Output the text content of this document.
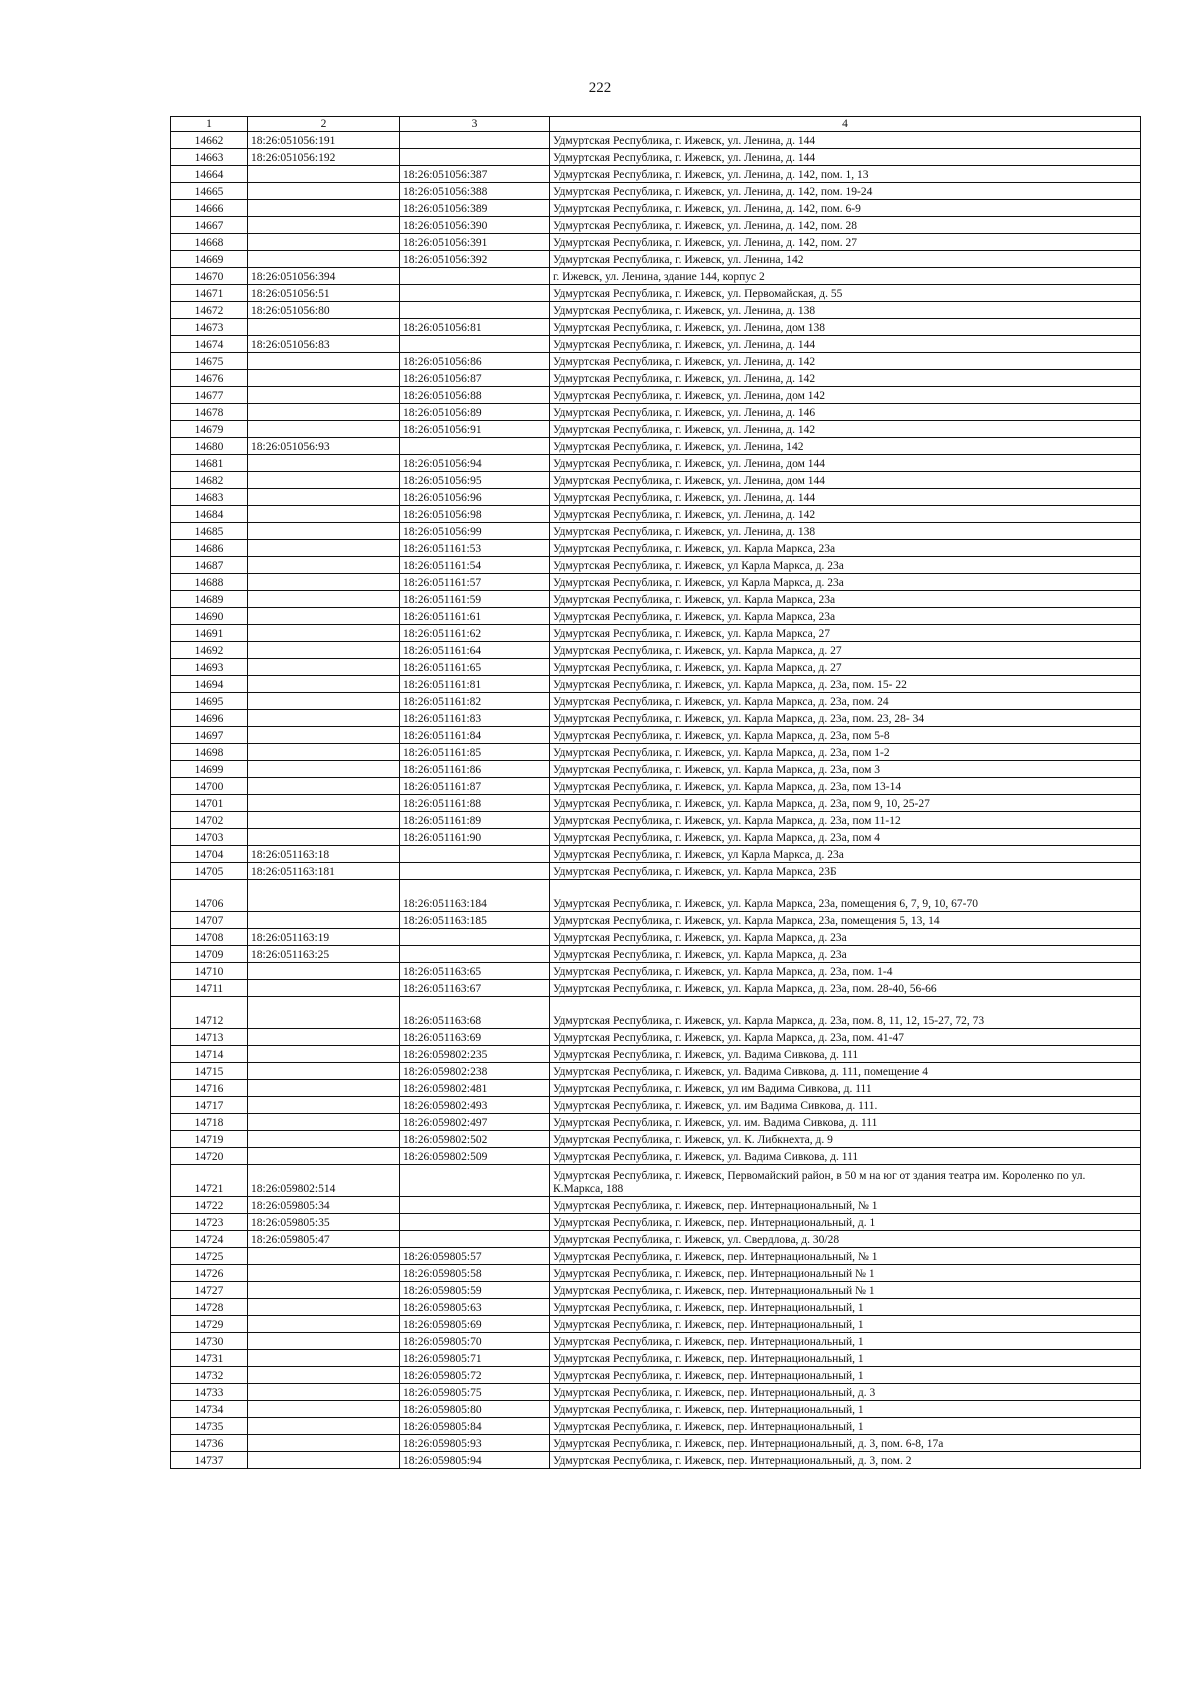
222
1	2	3	4
14662	18:26:051056:191		Удмуртская Республика, г. Ижевск, ул. Ленина, д. 144
14663	18:26:051056:192		Удмуртская Республика, г. Ижевск, ул. Ленина, д. 144
14664		18:26:051056:387	Удмуртская Республика, г. Ижевск, ул. Ленина, д. 142, пом. 1, 13
14665		18:26:051056:388	Удмуртская Республика, г. Ижевск, ул. Ленина, д. 142, пом. 19-24
14666		18:26:051056:389	Удмуртская Республика, г. Ижевск, ул. Ленина, д. 142, пом. 6-9
14667		18:26:051056:390	Удмуртская Республика, г. Ижевск, ул. Ленина, д. 142, пом. 28
14668		18:26:051056:391	Удмуртская Республика, г. Ижевск, ул. Ленина, д. 142, пом. 27
14669		18:26:051056:392	Удмуртская Республика, г. Ижевск, ул. Ленина, 142
14670	18:26:051056:394		г. Ижевск, ул. Ленина, здание 144, корпус 2
14671	18:26:051056:51		Удмуртская Республика, г. Ижевск, ул. Первомайская, д. 55
14672	18:26:051056:80		Удмуртская Республика, г. Ижевск, ул. Ленина, д. 138
14673		18:26:051056:81	Удмуртская Республика, г. Ижевск, ул. Ленина, дом 138
14674	18:26:051056:83		Удмуртская Республика, г. Ижевск, ул. Ленина, д. 144
14675		18:26:051056:86	Удмуртская Республика, г. Ижевск, ул. Ленина, д. 142
14676		18:26:051056:87	Удмуртская Республика, г. Ижевск, ул. Ленина, д. 142
14677		18:26:051056:88	Удмуртская Республика, г. Ижевск, ул. Ленина, дом 142
14678		18:26:051056:89	Удмуртская Республика, г. Ижевск, ул. Ленина, д. 146
14679		18:26:051056:91	Удмуртская Республика, г. Ижевск, ул. Ленина, д. 142
14680	18:26:051056:93		Удмуртская Республика, г. Ижевск, ул. Ленина, 142
14681		18:26:051056:94	Удмуртская Республика, г. Ижевск, ул. Ленина, дом 144
14682		18:26:051056:95	Удмуртская Республика, г. Ижевск, ул. Ленина, дом 144
14683		18:26:051056:96	Удмуртская Республика, г. Ижевск, ул. Ленина, д. 144
14684		18:26:051056:98	Удмуртская Республика, г. Ижевск, ул. Ленина, д. 142
14685		18:26:051056:99	Удмуртская Республика, г. Ижевск, ул. Ленина, д. 138
14686		18:26:051161:53	Удмуртская Республика, г. Ижевск, ул. Карла Маркса, 23а
14687		18:26:051161:54	Удмуртская Республика, г. Ижевск, ул Карла Маркса, д. 23а
14688		18:26:051161:57	Удмуртская Республика, г. Ижевск, ул Карла Маркса, д. 23а
14689		18:26:051161:59	Удмуртская Республика, г. Ижевск, ул. Карла Маркса, 23а
14690		18:26:051161:61	Удмуртская Республика, г. Ижевск, ул. Карла Маркса, 23а
14691		18:26:051161:62	Удмуртская Республика, г. Ижевск, ул. Карла Маркса, 27
14692		18:26:051161:64	Удмуртская Республика, г. Ижевск, ул. Карла Маркса, д. 27
14693		18:26:051161:65	Удмуртская Республика, г. Ижевск, ул. Карла Маркса, д. 27
14694		18:26:051161:81	Удмуртская Республика, г. Ижевск, ул. Карла Маркса, д. 23а, пом. 15- 22
14695		18:26:051161:82	Удмуртская Республика, г. Ижевск, ул. Карла Маркса, д. 23а, пом. 24
14696		18:26:051161:83	Удмуртская Республика, г. Ижевск, ул. Карла Маркса, д. 23а, пом. 23, 28- 34
14697		18:26:051161:84	Удмуртская Республика, г. Ижевск, ул. Карла Маркса, д. 23а, пом 5-8
14698		18:26:051161:85	Удмуртская Республика, г. Ижевск, ул. Карла Маркса, д. 23а, пом 1-2
14699		18:26:051161:86	Удмуртская Республика, г. Ижевск, ул. Карла Маркса, д. 23а, пом 3
14700		18:26:051161:87	Удмуртская Республика, г. Ижевск, ул. Карла Маркса, д. 23а, пом 13-14
14701		18:26:051161:88	Удмуртская Республика, г. Ижевск, ул. Карла Маркса, д. 23а, пом 9, 10, 25-27
14702		18:26:051161:89	Удмуртская Республика, г. Ижевск, ул. Карла Маркса, д. 23а, пом 11-12
14703		18:26:051161:90	Удмуртская Республика, г. Ижевск, ул. Карла Маркса, д. 23а, пом 4
14704	18:26:051163:18		Удмуртская Республика, г. Ижевск, ул Карла Маркса, д. 23а
14705	18:26:051163:181		Удмуртская Республика, г. Ижевск, ул. Карла Маркса, 23Б
14706		18:26:051163:184	Удмуртская Республика, г. Ижевск, ул. Карла Маркса, 23а, помещения 6, 7, 9, 10, 67-70
14707		18:26:051163:185	Удмуртская Республика, г. Ижевск, ул. Карла Маркса, 23а, помещения 5, 13, 14
14708	18:26:051163:19		Удмуртская Республика, г. Ижевск, ул. Карла Маркса, д. 23а
14709	18:26:051163:25		Удмуртская Республика, г. Ижевск, ул. Карла Маркса, д. 23а
14710		18:26:051163:65	Удмуртская Республика, г. Ижевск, ул. Карла Маркса, д. 23а, пом. 1-4
14711		18:26:051163:67	Удмуртская Республика, г. Ижевск, ул. Карла Маркса, д. 23а, пом. 28-40, 56-66
14712		18:26:051163:68	Удмуртская Республика, г. Ижевск, ул. Карла Маркса, д. 23а, пом. 8, 11, 12, 15-27, 72, 73
14713		18:26:051163:69	Удмуртская Республика, г. Ижевск, ул. Карла Маркса, д. 23а, пом. 41-47
14714		18:26:059802:235	Удмуртская Республика, г. Ижевск, ул. Вадима Сивкова, д. 111
14715		18:26:059802:238	Удмуртская Республика, г. Ижевск, ул. Вадима Сивкова, д. 111, помещение 4
14716		18:26:059802:481	Удмуртская Республика, г. Ижевск, ул им Вадима Сивкова, д. 111
14717		18:26:059802:493	Удмуртская Республика, г. Ижевск, ул. им Вадима Сивкова, д. 111.
14718		18:26:059802:497	Удмуртская Республика, г. Ижевск, ул. им. Вадима Сивкова, д. 111
14719		18:26:059802:502	Удмуртская Республика, г. Ижевск, ул. К. Либкнехта, д. 9
14720		18:26:059802:509	Удмуртская Республика, г. Ижевск, ул. Вадима Сивкова, д. 111
14721	18:26:059802:514		Удмуртская Республика, г. Ижевск, Первомайский район, в 50 м на юг от здания театра им. Короленко по ул. К.Маркса, 188
14722	18:26:059805:34		Удмуртская Республика, г. Ижевск, пер. Интернациональный, № 1
14723	18:26:059805:35		Удмуртская Республика, г. Ижевск, пер. Интернациональный, д. 1
14724	18:26:059805:47		Удмуртская Республика, г. Ижевск, ул. Свердлова, д. 30/28
14725		18:26:059805:57	Удмуртская Республика, г. Ижевск, пер. Интернациональный, № 1
14726		18:26:059805:58	Удмуртская Республика, г. Ижевск, пер. Интернациональный № 1
14727		18:26:059805:59	Удмуртская Республика, г. Ижевск, пер. Интернациональный № 1
14728		18:26:059805:63	Удмуртская Республика, г. Ижевск, пер. Интернациональный, 1
14729		18:26:059805:69	Удмуртская Республика, г. Ижевск, пер. Интернациональный, 1
14730		18:26:059805:70	Удмуртская Республика, г. Ижевск, пер. Интернациональный, 1
14731		18:26:059805:71	Удмуртская Республика, г. Ижевск, пер. Интернациональный, 1
14732		18:26:059805:72	Удмуртская Республика, г. Ижевск, пер. Интернациональный, 1
14733		18:26:059805:75	Удмуртская Республика, г. Ижевск, пер. Интернациональный, д. 3
14734		18:26:059805:80	Удмуртская Республика, г. Ижевск, пер. Интернациональный, 1
14735		18:26:059805:84	Удмуртская Республика, г. Ижевск, пер. Интернациональный, 1
14736		18:26:059805:93	Удмуртская Республика, г. Ижевск, пер. Интернациональный, д. 3, пом. 6-8, 17а
14737		18:26:059805:94	Удмуртская Республика, г. Ижевск, пер. Интернациональный, д. 3, пом. 2
